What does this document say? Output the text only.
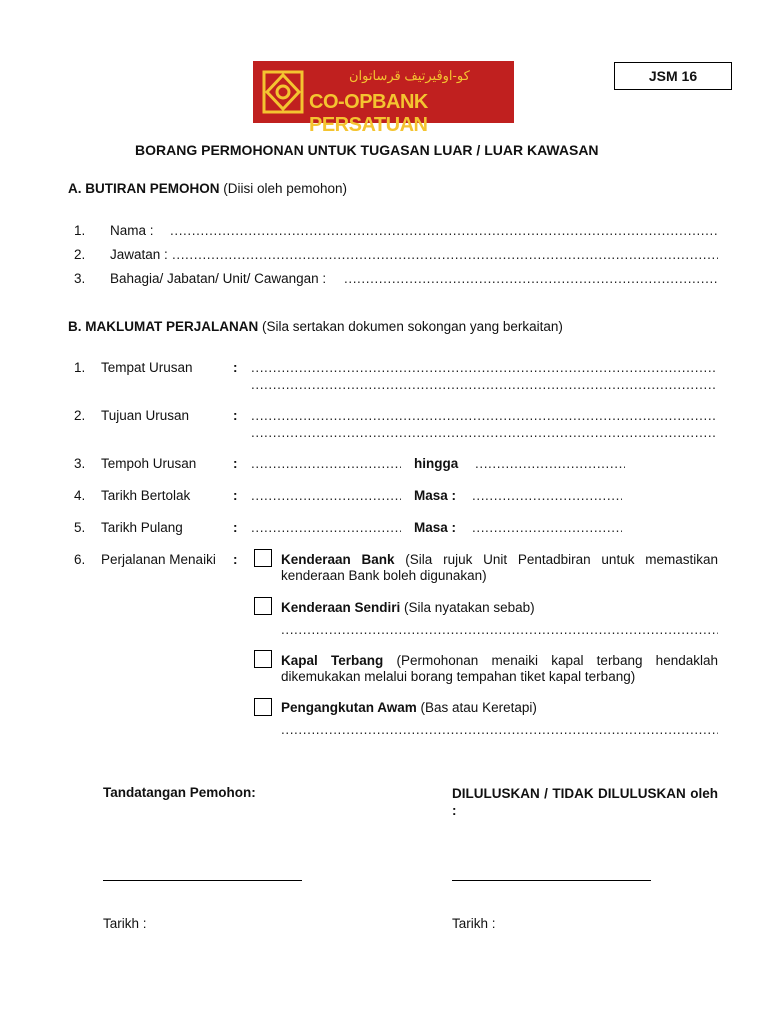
كو-اوڤيرتيف قرساتوان
CO-OPBANK PERSATUAN
JSM 16
BORANG PERMOHONAN UNTUK TUGASAN LUAR / LUAR KAWASAN
A. BUTIRAN PEMOHON (Diisi oleh pemohon)
1. Nama :
.....
2. Jawatan :
.....
3. Bahagia/ Jabatan/ Unit/ Cawangan :
.....
B. MAKLUMAT PERJALANAN (Sila sertakan dokumen sokongan yang berkaitan)
1. Tempat Urusan	:
.....
.....
2. Tujuan Urusan	:
.....
.....
3. Tempoh Urusan	: .....	hingga
.....
4. Tarikh Bertolak	: .....	Masa :
.....
5. Tarikh Pulang	: .....	Masa :
.....
6. Perjalanan Menaiki :	Kenderaan Bank (Sila rujuk Unit Pentadbiran untuk memastikan kenderaan Bank boleh digunakan)
Kenderaan Sendiri (Sila nyatakan sebab)
.....
Kapal Terbang (Permohonan menaiki kapal terbang hendaklah dikemukakan melalui borang tempahan tiket kapal terbang)
Pengangkutan Awam (Bas atau Keretapi)
.....
Tandatangan Pemohon:	DILULUSKAN / TIDAK DILULUSKAN oleh :
Tarikh :	Tarikh :
